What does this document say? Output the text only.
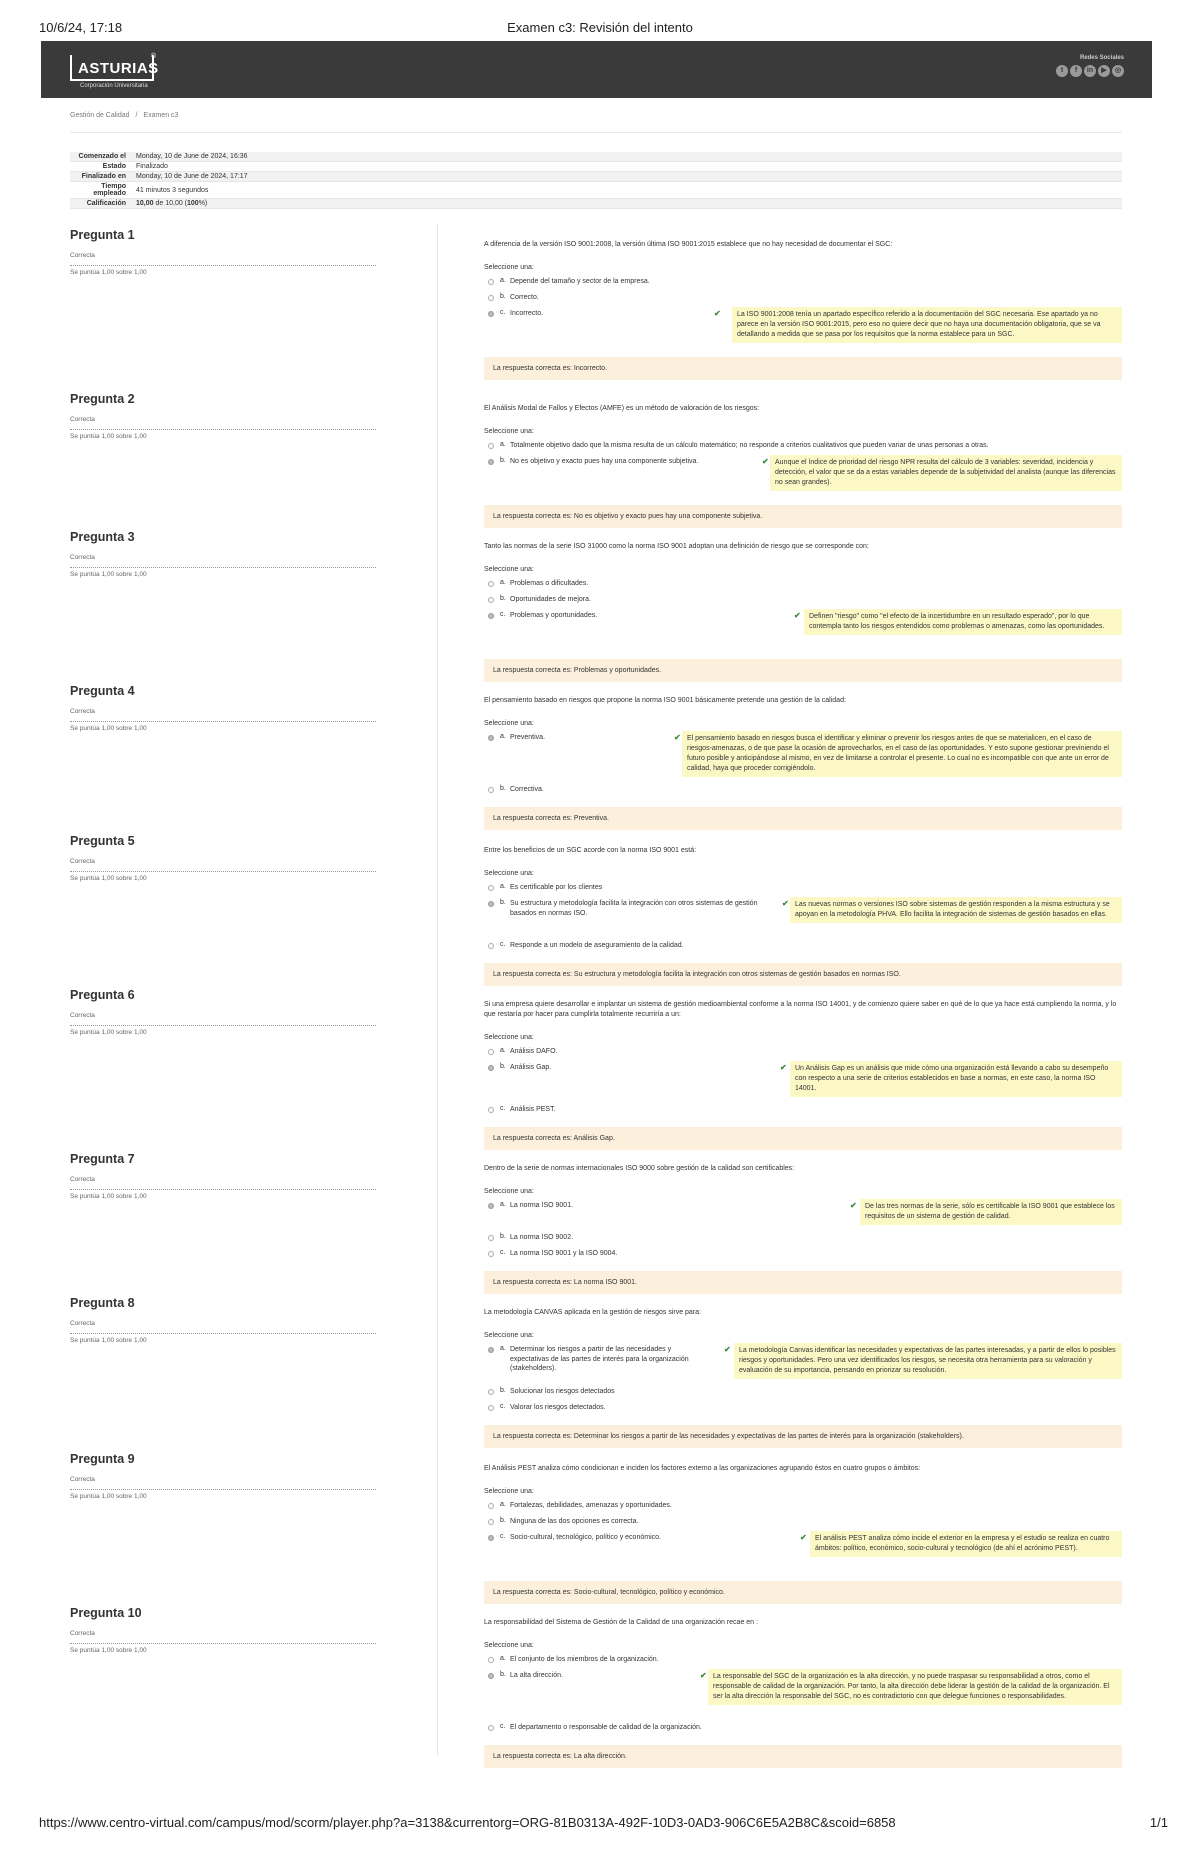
10/6/24, 17:18	Examen c3: Revisión del intento
ASTURIAS
®
Corporación Universitaria
Redes Sociales
t	f	in	▶	◎
Gestión de Calidad / Examen c3
Comenzado el	Monday, 10 de June de 2024, 16:36
Estado	Finalizado
Finalizado en	Monday, 10 de June de 2024, 17:17
Tiempo empleado	41 minutos 3 segundos
Calificación	10,00 de 10,00 (100%)
Pregunta 1
Correcta
Se puntúa 1,00 sobre 1,00
A diferencia de la versión ISO 9001:2008, la versión última ISO 9001:2015 establece que no hay necesidad de documentar el SGC:
Seleccione una:
a. Depende del tamaño y sector de la empresa.
b. Correcto.
c. Incorrecto.	✔	La ISO 9001:2008 tenía un apartado específico referido a la documentación del SGC necesaria. Ese apartado ya no parece en la versión ISO 9001:2015, pero eso no quiere decir que no haya una documentación obligatoria, que se va detallando a medida que se pasa por los requisitos que la norma establece para un SGC.
La respuesta correcta es: Incorrecto.
Pregunta 2
Correcta
Se puntúa 1,00 sobre 1,00
El Análisis Modal de Fallos y Efectos (AMFE) es un método de valoración de los riesgos:
Seleccione una:
a. Totalmente objetivo dado que la misma resulta de un cálculo matemático; no responde a criterios cualitativos que pueden variar de unas personas a otras.
b. No es objetivo y exacto pues hay una componente subjetiva.	✔ Aunque el índice de prioridad del riesgo NPR resulta del cálculo de 3 variables: severidad, incidencia y detección, el valor que se da a estas variables depende de la subjetividad del analista (aunque las diferencias no sean grandes).
La respuesta correcta es: No es objetivo y exacto pues hay una componente subjetiva.
Pregunta 3
Correcta
Se puntúa 1,00 sobre 1,00
Tanto las normas de la serie ISO 31000 como la norma ISO 9001 adoptan una definición de riesgo que se corresponde con:
Seleccione una:
a. Problemas o dificultades.
b. Oportunidades de mejora.
c. Problemas y oportunidades.	✔	Definen "riesgo" como "el efecto de la incertidumbre en un resultado esperado", por lo que contempla tanto los riesgos entendidos como problemas o amenazas, como las oportunidades.
La respuesta correcta es: Problemas y oportunidades.
Pregunta 4
Correcta
Se puntúa 1,00 sobre 1,00
El pensamiento basado en riesgos que propone la norma ISO 9001 básicamente pretende una gestión de la calidad:
Seleccione una:
a. Preventiva.	✔ El pensamiento basado en riesgos busca el identificar y eliminar o prevenir los riesgos antes de que se materialicen, en el caso de riesgos-amenazas, o de que pase la ocasión de aprovecharlos, en el caso de las oportunidades. Y esto supone gestionar previniendo el futuro posible y anticipándose al mismo, en vez de limitarse a controlar el presente. Lo cual no es incompatible con que ante un error de calidad, haya que proceder corrigiéndolo.
b. Correctiva.
La respuesta correcta es: Preventiva.
Pregunta 5
Correcta
Se puntúa 1,00 sobre 1,00
Entre los beneficios de un SGC acorde con la norma ISO 9001 está:
Seleccione una:
a. Es certificable por los clientes
b. Su estructura y metodología facilita la integración con otros sistemas de gestión basados en normas ISO.
✔ Las nuevas normas o versiones ISO sobre sistemas de gestión responden a la misma estructura y se apoyan en la metodología PHVA. Ello facilita la integración de sistemas de gestión basados en ellas.
c. Responde a un modelo de aseguramiento de la calidad.
La respuesta correcta es: Su estructura y metodología facilita la integración con otros sistemas de gestión basados en normas ISO.
Pregunta 6
Correcta
Se puntúa 1,00 sobre 1,00
Si una empresa quiere desarrollar e implantar un sistema de gestión medioambiental conforme a la norma ISO 14001, y de comienzo quiere saber en qué de lo que ya hace está cumpliendo la norma, y lo que restaría por hacer para cumplirla totalmente recurriría a un:
Seleccione una:
a. Análisis DAFO.
b. Análisis Gap.	✔	Un Análisis Gap es un análisis que mide cómo una organización está llevando a cabo su desempeño con respecto a una serie de criterios establecidos en base a normas, en este caso, la norma ISO 14001.
c. Análisis PEST.
La respuesta correcta es: Análisis Gap.
Pregunta 7
Correcta
Se puntúa 1,00 sobre 1,00
Dentro de la serie de normas internacionales ISO 9000 sobre gestión de la calidad son certificables:
Seleccione una:
a. La norma ISO 9001.	✔	De las tres normas de la serie, sólo es certificable la ISO 9001 que establece los requisitos de un sistema de gestión de calidad.
b. La norma ISO 9002.
c. La norma ISO 9001 y la ISO 9004.
La respuesta correcta es: La norma ISO 9001.
Pregunta 8
Correcta
Se puntúa 1,00 sobre 1,00
La metodología CANVAS aplicada en la gestión de riesgos sirve para:
Seleccione una:
a. Determinar los riesgos a partir de las necesidades y expectativas de las partes de interés para la organización (stakeholders).
✔	La metodología Canvas identificar las necesidades y expectativas de las partes interesadas, y a partir de ellos lo posibles riesgos y oportunidades. Pero una vez identificados los riesgos, se necesita otra herramienta para su valoración y evaluación de su importancia, pensando en priorizar su resolución.
b. Solucionar los riesgos detectados
c. Valorar los riesgos detectados.
La respuesta correcta es: Determinar los riesgos a partir de las necesidades y expectativas de las partes de interés para la organización (stakeholders).
Pregunta 9
Correcta
Se puntúa 1,00 sobre 1,00
El Análisis PEST analiza cómo condicionan e inciden los factores externo a las organizaciones agrupando éstos en cuatro grupos o ámbitos:
Seleccione una:
a. Fortalezas, debilidades, amenazas y oportunidades.
b. Ninguna de las dos opciones es correcta.
c. Socio-cultural, tecnológico, político y económico.	✔	El análisis PEST analiza cómo incide el exterior en la empresa y el estudio se realiza en cuatro ámbitos: político, económico, socio-cultural y tecnológico (de ahí el acrónimo PEST).
La respuesta correcta es: Socio-cultural, tecnológico, político y económico.
Pregunta 10
Correcta
Se puntúa 1,00 sobre 1,00
La responsabilidad del Sistema de Gestión de la Calidad de una organización recae en :
Seleccione una:
a. El conjunto de los miembros de la organización.
b. La alta dirección.	✔ La responsable del SGC de la organización es la alta dirección, y no puede traspasar su responsabilidad a otros, como el responsable de calidad de la organización. Por tanto, la alta dirección debe liderar la gestión de la calidad de la organización. El ser la alta dirección la responsable del SGC, no es contradictorio con que delegue funciones o responsabilidades.
c. El departamento o responsable de calidad de la organización.
La respuesta correcta es: La alta dirección.
https://www.centro-virtual.com/campus/mod/scorm/player.php?a=3138&currentorg=ORG-81B0313A-492F-10D3-0AD3-906C6E5A2B8C&scoid=6858	1/1
